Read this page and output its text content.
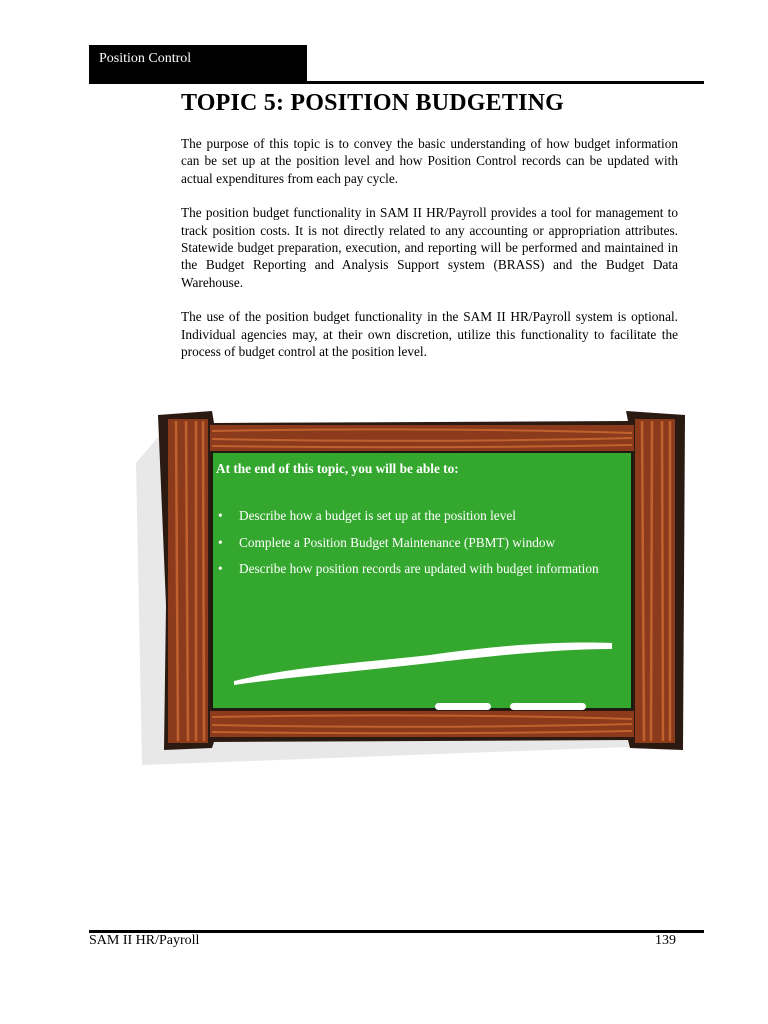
Position Control
TOPIC 5: POSITION BUDGETING

The purpose of this topic is to convey the basic understanding of how budget information can be set up at the position level and how Position Control records can be updated with actual expenditures from each pay cycle.

The position budget functionality in SAM II HR/Payroll provides a tool for management to track position costs. It is not directly related to any accounting or appropriation attributes. Statewide budget preparation, execution, and reporting will be performed and maintained in the Budget Reporting and Analysis Support system (BRASS) and the Budget Data Warehouse.

The use of the position budget functionality in the SAM II HR/Payroll system is optional. Individual agencies may, at their own discretion, utilize this functionality to facilitate the process of budget control at the position level.

At the end of this topic, you will be able to:
• Describe how a budget is set up at the position level
• Complete a Position Budget Maintenance (PBMT) window
• Describe how position records are updated with budget information
SAM II HR/Payroll	139
